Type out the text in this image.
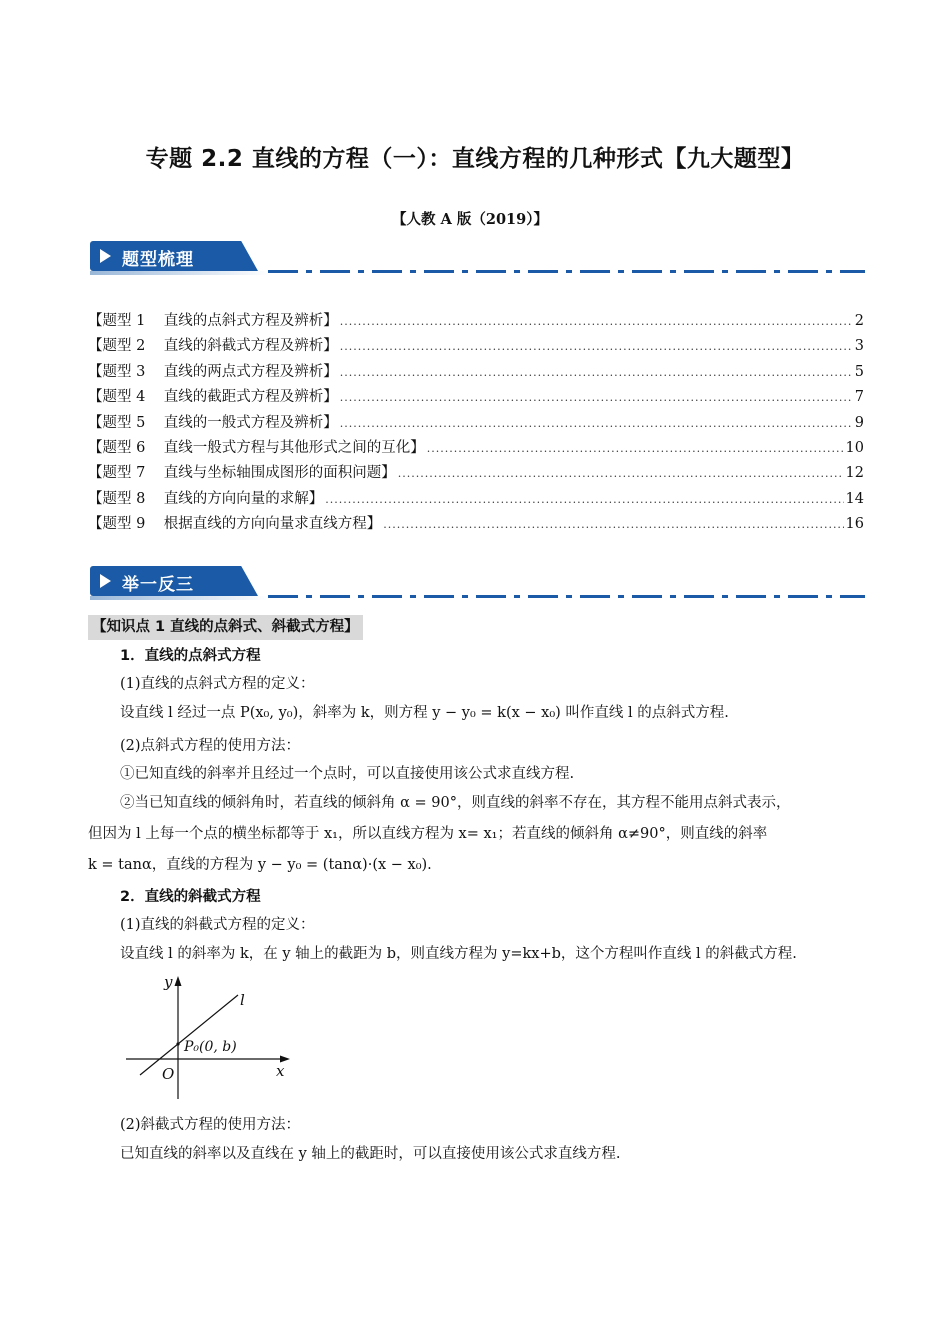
专题 2.2 直线的方程（一）：直线方程的几种形式【九大题型】
【人教 A 版（2019）】
题型梳理
【题型 1    直线的点斜式方程及辨析】 .....	2
【题型 2    直线的斜截式方程及辨析】 .....	3
【题型 3    直线的两点式方程及辨析】 .....	5
【题型 4    直线的截距式方程及辨析】 .....	7
【题型 5    直线的一般式方程及辨析】 .....	9
【题型 6    直线一般式方程与其他形式之间的互化】 .....	10
【题型 7    直线与坐标轴围成图形的面积问题】 .....	12
【题型 8    直线的方向向量的求解】 .....	14
【题型 9    根据直线的方向向量求直线方程】 .....	16
举一反三
【知识点 1 直线的点斜式、斜截式方程】
1．直线的点斜式方程
(1)直线的点斜式方程的定义：
设直线 l 经过一点 P(x₀, y₀)，斜率为 k，则方程 y − y₀ = k(x − x₀) 叫作直线 l 的点斜式方程.
(2)点斜式方程的使用方法：
①已知直线的斜率并且经过一个点时，可以直接使用该公式求直线方程.
②当已知直线的倾斜角时，若直线的倾斜角 α = 90°，则直线的斜率不存在，其方程不能用点斜式表示，
但因为 l 上每一个点的横坐标都等于 x₁，所以直线方程为 x= x₁；若直线的倾斜角 α≠90°，则直线的斜率
k = tanα，直线的方程为 y − y₀ = (tanα)·(x − x₀).
2．直线的斜截式方程
(1)直线的斜截式方程的定义：
设直线 l 的斜率为 k，在 y 轴上的截距为 b，则直线方程为 y=kx+b，这个方程叫作直线 l 的斜截式方程.
y
x
O
l
P₀(0, b)
(2)斜截式方程的使用方法：
已知直线的斜率以及直线在 y 轴上的截距时，可以直接使用该公式求直线方程.
